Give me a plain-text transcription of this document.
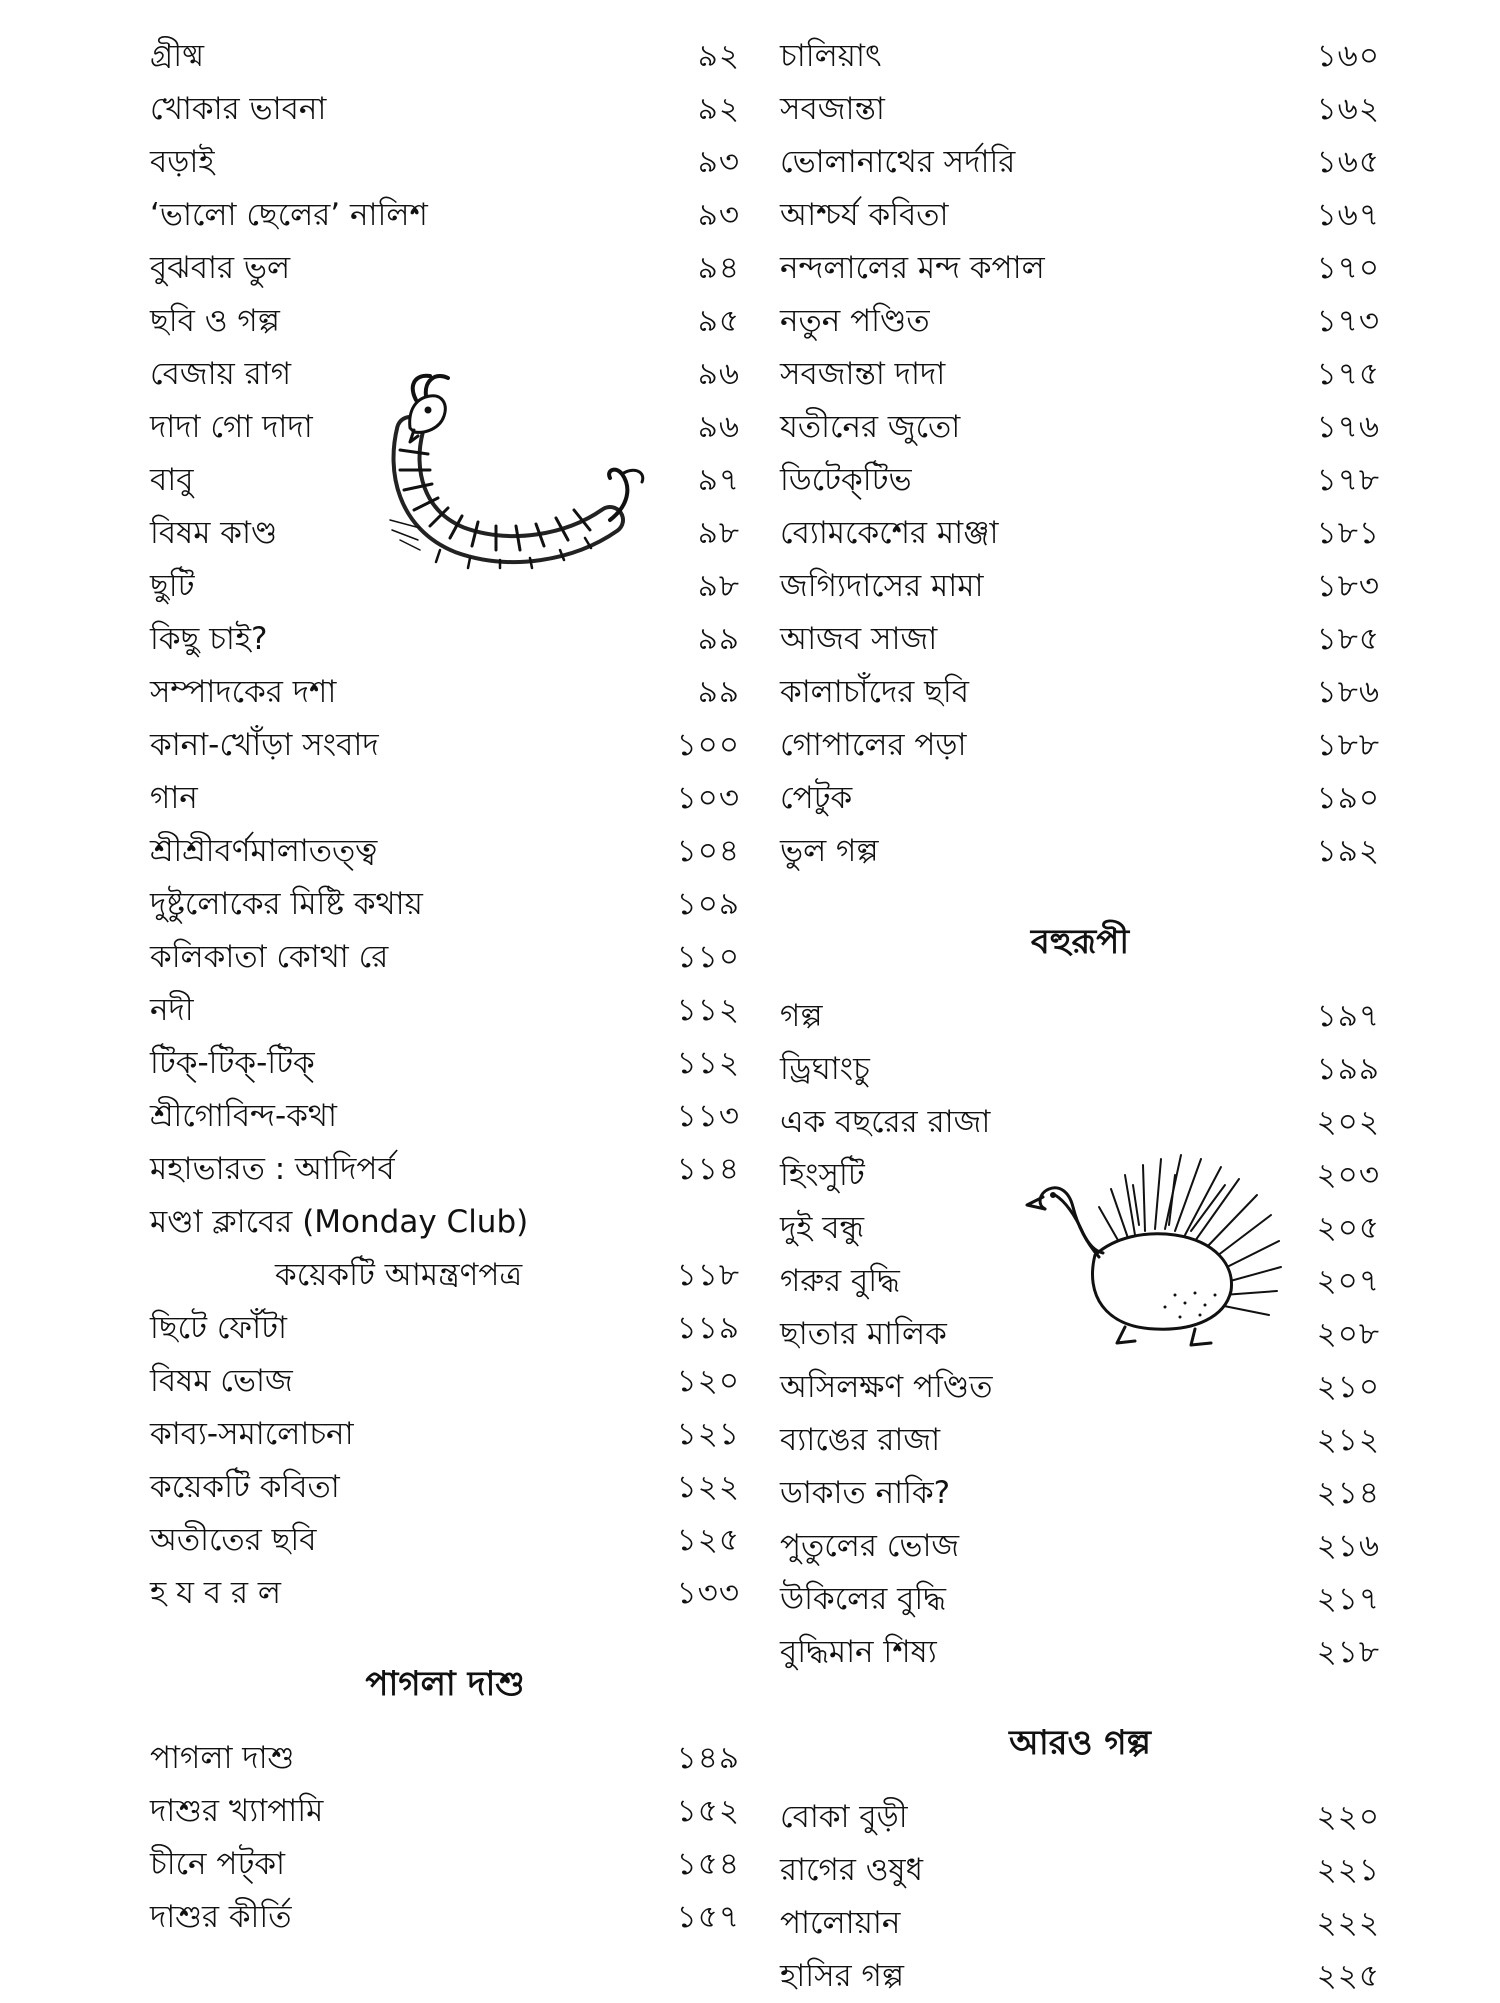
গ্রীষ্ম	৯২
খোকার ভাবনা	৯২
বড়াই	৯৩
‘ভালো ছেলের’ নালিশ	৯৩
বুঝবার ভুল	৯৪
ছবি ও গল্প	৯৫
বেজায় রাগ	৯৬
দাদা গো দাদা	৯৬
বাবু	৯৭
বিষম কাণ্ড	৯৮
ছুটি	৯৮
কিছু চাই?	৯৯
সম্পাদকের দশা	৯৯
কানা-খোঁড়া সংবাদ	১০০
গান	১০৩
শ্রীশ্রীবর্ণমালাতত্ত্ব	১০৪
দুষ্টুলোকের মিষ্টি কথায়	১০৯
কলিকাতা কোথা রে	১১০
নদী	১১২
টিক্‌-টিক্‌-টিক্‌	১১২
শ্রীগোবিন্দ-কথা	১১৩
মহাভারত : আদিপর্ব	১১৪
মণ্ডা ক্লাবের (Monday Club)
কয়েকটি আমন্ত্রণপত্র	১১৮
ছিটে ফোঁটা	১১৯
বিষম ভোজ	১২০
কাব্য-সমালোচনা	১২১
কয়েকটি কবিতা	১২২
অতীতের ছবি	১২৫
হ য ব র ল	১৩৩
পাগলা দাশু
পাগলা দাশু	১৪৯
দাশুর খ্যাপামি	১৫২
চীনে পট্‌কা	১৫৪
দাশুর কীর্তি	১৫৭
চালিয়াৎ	১৬০
সবজান্তা	১৬২
ভোলানাথের সর্দারি	১৬৫
আশ্চর্য কবিতা	১৬৭
নন্দলালের মন্দ কপাল	১৭০
নতুন পণ্ডিত	১৭৩
সবজান্তা দাদা	১৭৫
যতীনের জুতো	১৭৬
ডিটেক্‌টিভ	১৭৮
ব্যোমকেশের মাঞ্জা	১৮১
জগ্যিদাসের মামা	১৮৩
আজব সাজা	১৮৫
কালাচাঁদের ছবি	১৮৬
গোপালের পড়া	১৮৮
পেটুক	১৯০
ভুল গল্প	১৯২
বহুরূপী
গল্প	১৯৭
ড্রিঘাংচু	১৯৯
এক বছরের রাজা	২০২
হিংসুটি	২০৩
দুই বন্ধু	২০৫
গরুর বুদ্ধি	২০৭
ছাতার মালিক	২০৮
অসিলক্ষণ পণ্ডিত	২১০
ব্যাঙের রাজা	২১২
ডাকাত নাকি?	২১৪
পুতুলের ভোজ	২১৬
উকিলের বুদ্ধি	২১৭
বুদ্ধিমান শিষ্য	২১৮
আরও গল্প
বোকা বুড়ী	২২০
রাগের ওষুধ	২২১
পালোয়ান	২২২
হাসির গল্প	২২৫
